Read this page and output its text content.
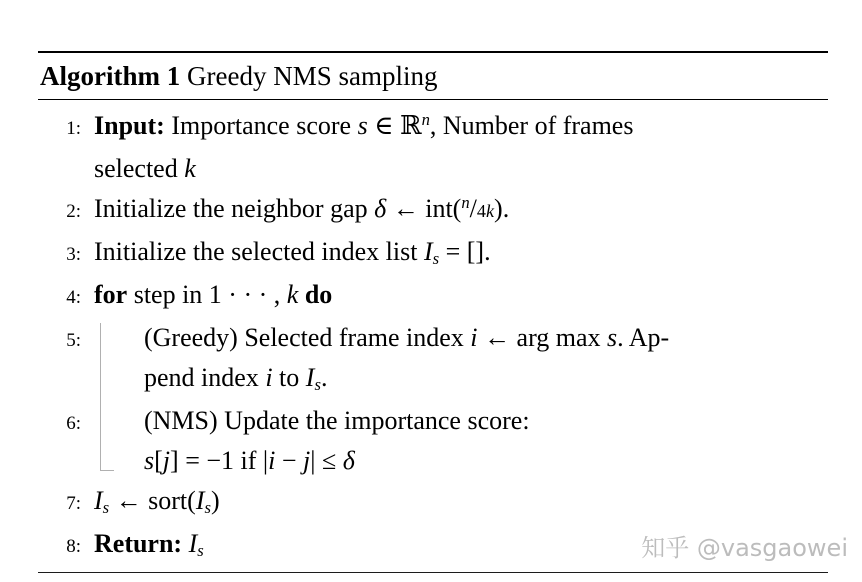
Algorithm 1 Greedy NMS sampling
1: Input: Importance score s ∈ ℝ$^n$, Number of frames
selected k
2: Initialize the neighbor gap δ ← int($^n$/4k).
3: Initialize the selected index list Is = [].
4: for step in 1 · · · , k do
5:	(Greedy) Selected frame index i ← arg max s. Ap-
pend index i to Is.
6:	(NMS) Update the importance score:
s[j] = −1 if |i − j| ≤ δ
7: Is ← sort(Is)
8: Return: Is	知乎 @vasgaowei
